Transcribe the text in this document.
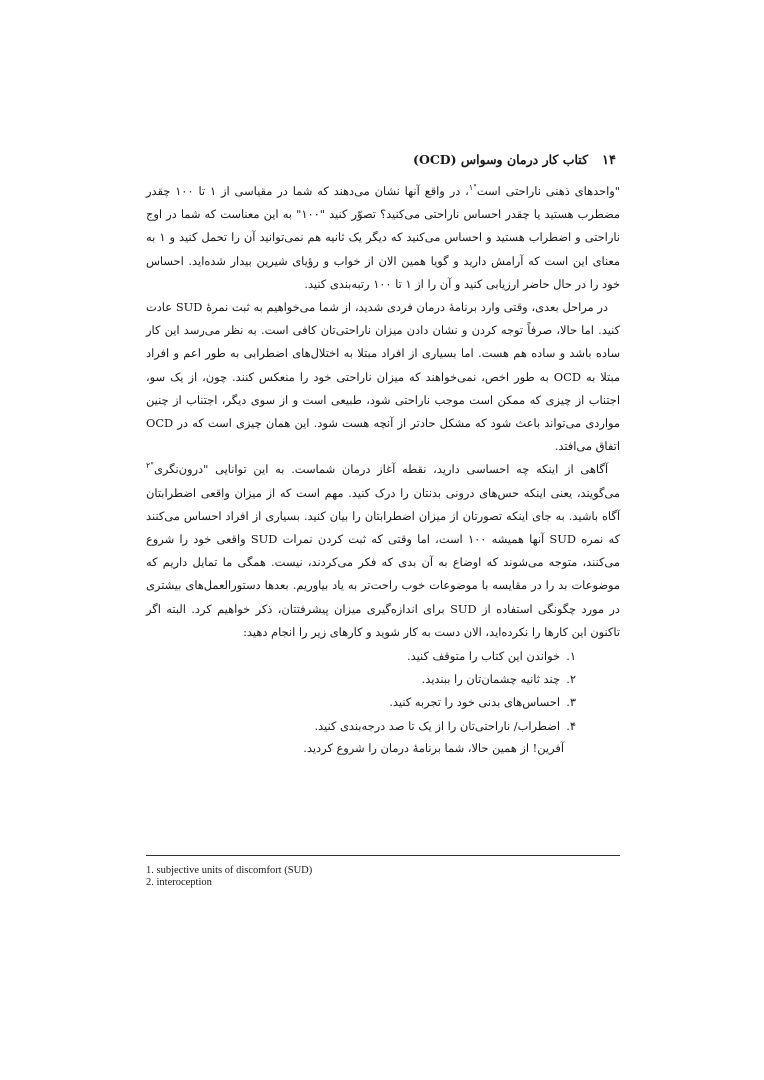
۱۴
کتاب کار درمان وسواس (OCD)

"واحدهای ذهنی ناراحتی است$^{"۱}$، در واقع آنها نشان می‌دهند که شما در مقیاسی از ۱ تا ۱۰۰ چقدر مضطرب هستید یا چقدر احساس ناراحتی می‌کنید؟ تصوّر کنید "۱۰۰" به این معناست که شما در اوج ناراحتی و اضطراب هستید و احساس می‌کنید که دیگر یک ثانیه هم نمی‌توانید آن را تحمل کنید و ۱ به معنای این است که آرامش دارید و گویا همین الان از خواب و رؤیای شیرین بیدار شده‌اید. احساس خود را در حال حاضر ارزیابی کنید و آن را از ۱ تا ۱۰۰ رتبه‌بندی کنید.

در مراحل بعدی، وقتی وارد برنامهٔ درمان فردی شدید، از شما می‌خواهیم به ثبت نمرهٔ SUD عادت کنید. اما حالا، صرفاً توجه کردن و نشان دادن میزان ناراحتی‌تان کافی است. به نظر می‌رسد این کار ساده باشد و ساده هم هست. اما بسیاری از افراد مبتلا به اختلال‌های اضطرابی به طور اعم و افراد مبتلا به OCD به طور اخص، نمی‌خواهند که میزان ناراحتی خود را منعکس کنند. چون، از یک سو، اجتناب از چیزی که ممکن است موجب ناراحتی شود، طبیعی است و از سوی دیگر، اجتناب از چنین مواردی می‌تواند باعث شود که مشکل حادتر از آنچه هست شود. این همان چیزی است که در OCD اتفاق می‌افتد.

آگاهی از اینکه چه احساسی دارید، نقطه آغاز درمان شماست. به این توانایی "درون‌نگری$^{"۲}$ می‌گویند، یعنی اینکه حس‌های درونی بدنتان را درک کنید. مهم است که از میزان واقعی اضطرابتان آگاه باشید. به جای اینکه تصورتان از میزان اضطرابتان را بیان کنید. بسیاری از افراد احساس می‌کنند که نمره SUD آنها همیشه ۱۰۰ است، اما وقتی که ثبت کردن نمرات SUD واقعی خود را شروع می‌کنند، متوجه می‌شوند که اوضاع به آن بدی که فکر می‌کردند، نیست. همگی ما تمایل داریم که موضوعات بد را در مقایسه با موضوعات خوب راحت‌تر به یاد بیاوریم. بعدها دستورالعمل‌های بیشتری در مورد چگونگی استفاده از SUD برای اندازه‌گیری میزان پیشرفتتان، ذکر خواهیم کرد. البته اگر تاکنون این کارها را نکرده‌اید، الان دست به کار شوید و کارهای زیر را انجام دهید:

۱.خواندن این کتاب را متوقف کنید.
۲.چند ثانیه چشمان‌تان را ببندید.
۳.احساس‌های بدنی خود را تجربه کنید.
۴.اضطراب/ ناراحتی‌تان را از یک تا صد درجه‌بندی کنید.

آفرین! از همین حالا، شما برنامهٔ درمان را شروع کردید.

1. subjective units of discomfort (SUD)
2. interoception
